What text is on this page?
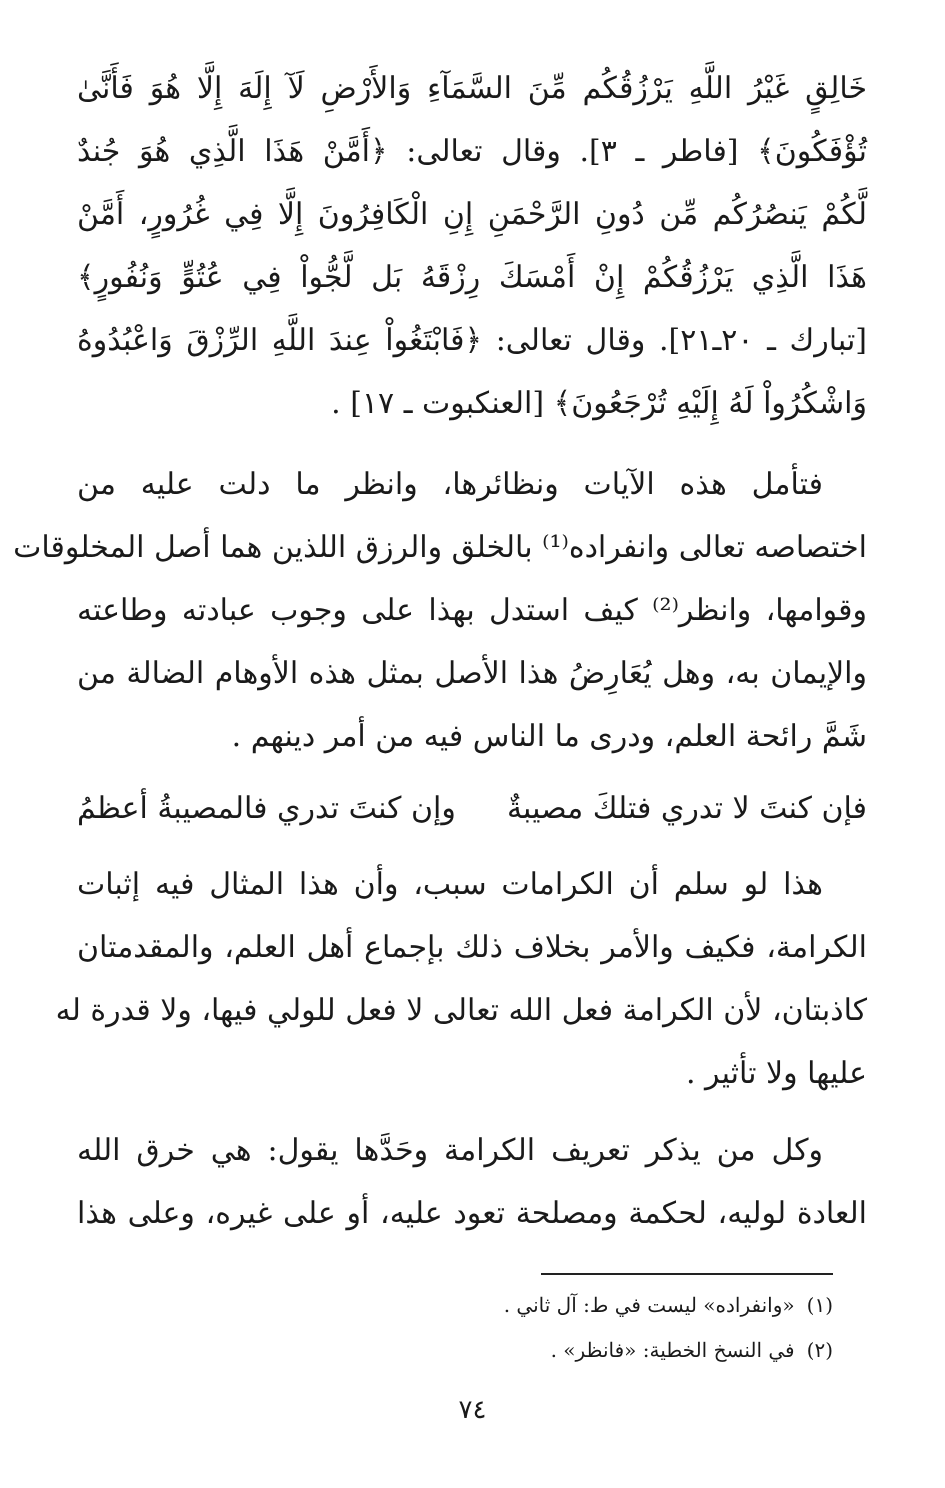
خَالِقٍ غَيْرُ اللَّهِ يَرْزُقُكُم مِّنَ السَّمَآءِ وَالأَرْضِ لَآ إِلَهَ إِلَّا هُوَ فَأَنَّىٰ
تُؤْفَكُونَ﴾ [فاطر ـ ٣]. وقال تعالى: ﴿أَمَّنْ هَذَا الَّذِي هُوَ جُندٌ
لَّكُمْ يَنصُرُكُم مِّن دُونِ الرَّحْمَنِ إِنِ الْكَافِرُونَ إِلَّا فِي غُرُورٍ، أَمَّنْ
هَذَا الَّذِي يَرْزُقُكُمْ إِنْ أَمْسَكَ رِزْقَهُ بَل لَّجُّواْ فِي عُتُوٍّ وَنُفُورٍ﴾
[تبارك ـ ٢٠ـ٢١]. وقال تعالى: ﴿فَابْتَغُواْ عِندَ اللَّهِ الرِّزْقَ وَاعْبُدُوهُ
وَاشْكُرُواْ لَهُ إِلَيْهِ تُرْجَعُونَ﴾ [العنكبوت ـ ١٧] .
فتأمل هذه الآيات ونظائرها، وانظر ما دلت عليه من
اختصاصه تعالى وانفراده⁽¹⁾ بالخلق والرزق اللذين هما أصل المخلوقات
وقوامها، وانظر⁽²⁾ كيف استدل بهذا على وجوب عبادته وطاعته
والإيمان به، وهل يُعَارِضُ هذا الأصل بمثل هذه الأوهام الضالة من
شَمَّ رائحة العلم، ودرى ما الناس فيه من أمر دينهم .
فإن كنتَ لا تدري فتلكَ مصيبةٌ
وإن كنتَ تدري فالمصيبةُ أعظمُ
هذا لو سلم أن الكرامات سبب، وأن هذا المثال فيه إثبات
الكرامة، فكيف والأمر بخلاف ذلك بإجماع أهل العلم، والمقدمتان
كاذبتان، لأن الكرامة فعل الله تعالى لا فعل للولي فيها، ولا قدرة له
عليها ولا تأثير .
وكل من يذكر تعريف الكرامة وحَدَّها يقول: هي خرق الله
العادة لوليه، لحكمة ومصلحة تعود عليه، أو على غيره، وعلى هذا
(١)«وانفراده» ليست في ط: آل ثاني .
(٢)في النسخ الخطية: «فانظر» .
٧٤
